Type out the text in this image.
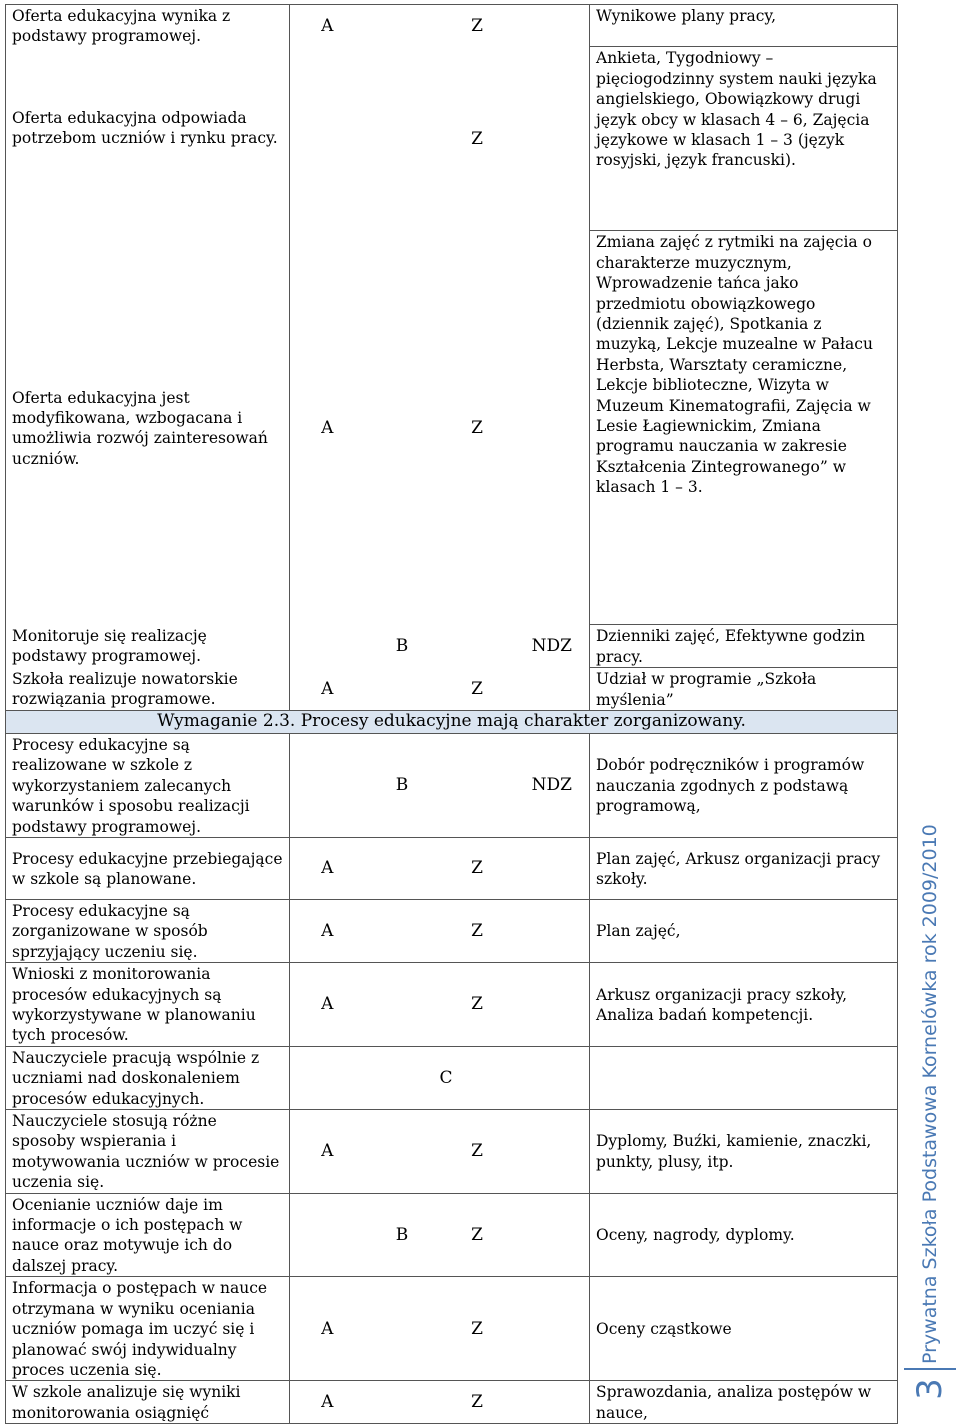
Oferta edukacyjna wynika z podstawy programowej.	A		Z		Wynikowe plany pracy,

Oferta edukacyjna odpowiada potrzebom uczniów i rynku pracy.			Z		Ankieta, Tygodniowy – pięciogodzinny system nauki języka angielskiego, Obowiązkowy drugi język obcy w klasach 4 – 6, Zajęcia językowe w klasach 1 – 3 (język rosyjski, język francuski).
Oferta edukacyjna jest modyfikowana, wzbogacana i umożliwia rozwój zainteresowań uczniów.	A		Z		Zmiana zajęć z rytmiki na zajęcia o charakterze muzycznym, Wprowadzenie tańca jako przedmiotu obowiązkowego (dziennik zajęć), Spotkania z muzyką, Lekcje muzealne w Pałacu Herbsta, Warsztaty ceramiczne, Lekcje biblioteczne, Wizyta w Muzeum Kinematografii, Zajęcia w Lesie Łagiewnickim, Zmiana programu nauczania w zakresie Kształcenia Zintegrowanego” w klasach 1 – 3.
Monitoruje się realizację podstawy programowej.		B		NDZ	Dzienniki zajęć, Efektywne godzin pracy.
Szkoła realizuje nowatorskie rozwiązania programowe.	A		Z		Udział w programie „Szkoła myślenia”
Wymaganie 2.3. Procesy edukacyjne mają charakter zorganizowany.					
Procesy edukacyjne są realizowane w szkole z wykorzystaniem zalecanych warunków i sposobu realizacji podstawy programowej.		B		NDZ	Dobór podręczników i programów nauczania zgodnych z podstawą programową,
Procesy edukacyjne przebiegające w szkole są planowane.	A		Z		Plan zajęć, Arkusz organizacji pracy szkoły.
Procesy edukacyjne są zorganizowane w sposób sprzyjający uczeniu się.	A		Z		Plan zajęć,
Wnioski z monitorowania procesów edukacyjnych są wykorzystywane w planowaniu tych procesów.	A		Z		Arkusz organizacji pracy szkoły, Analiza badań kompetencji.
Nauczyciele pracują wspólnie z uczniami nad doskonaleniem procesów edukacyjnych.			C		
Nauczyciele stosują różne sposoby wspierania i motywowania uczniów w procesie uczenia się.	A		Z		Dyplomy, Buźki, kamienie, znaczki, punkty, plusy, itp.
Ocenianie uczniów daje im informacje o ich postępach w nauce oraz motywuje ich do dalszej pracy.		B	Z		Oceny, nagrody, dyplomy.
Informacja o postępach w nauce otrzymana w wyniku oceniania uczniów pomaga im uczyć się i planować swój indywidualny proces uczenia się.	A		Z		Oceny cząstkowe
W szkole analizuje się wyniki monitorowania osiągnięć	A		Z		Sprawozdania, analiza postępów w nauce,
Prywatna Szkoła Podstawowa Kornelówka rok 2009/2010
3
